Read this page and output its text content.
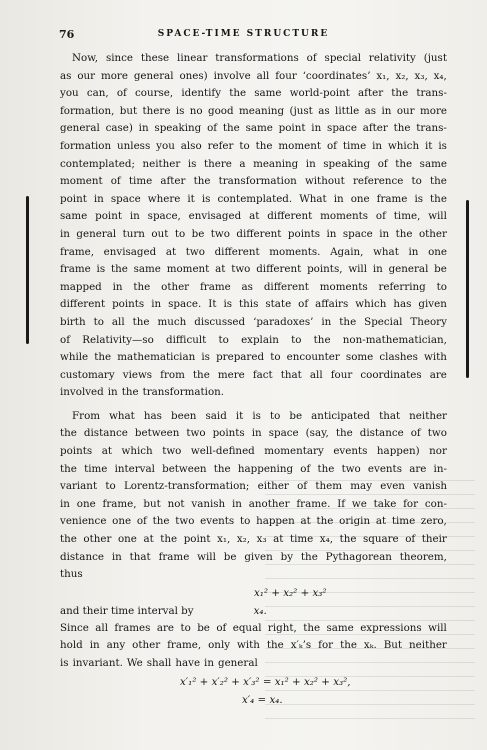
76	SPACE-TIME STRUCTURE
Now, since these linear transformations of special relativity (just
as our more general ones) involve all four ‘coordinates’ x₁, x₂, x₃, x₄,
you can, of course, identify the same world-point after the trans-
formation, but there is no good meaning (just as little as in our more
general case) in speaking of the same point in space after the trans-
formation unless you also refer to the moment of time in which it is
contemplated; neither is there a meaning in speaking of the same
moment of time after the transformation without reference to the
point in space where it is contemplated. What in one frame is the
same point in space, envisaged at different moments of time, will
in general turn out to be two different points in space in the other
frame, envisaged at two different moments. Again, what in one
frame is the same moment at two different points, will in general be
mapped in the other frame as different moments referring to
different points in space. It is this state of affairs which has given
birth to all the much discussed ‘paradoxes’ in the Special Theory
of Relativity—so difficult to explain to the non-mathematician,
while the mathematician is prepared to encounter some clashes with
customary views from the mere fact that all four coordinates are
involved in the transformation.
From what has been said it is to be anticipated that neither
the distance between two points in space (say, the distance of two
points at which two well-defined momentary events happen) nor
the time interval between the happening of the two events are in-
variant to Lorentz-transformation; either of them may even vanish
in one frame, but not vanish in another frame. If we take for con-
venience one of the two events to happen at the origin at time zero,
the other one at the point x₁, x₂, x₃ at time x₄, the square of their
distance in that frame will be given by the Pythagorean theorem,
thus
x₁² + x₂² + x₃²
and their time interval by	x₄.
Since all frames are to be of equal right, the same expressions will
hold in any other frame, only with the x′ₖ’s for the xₖ. But neither
is invariant. We shall have in general
x′₁² + x′₂² + x′₃² = x₁² + x₂² + x₃²,
x′₄ = x₄.
